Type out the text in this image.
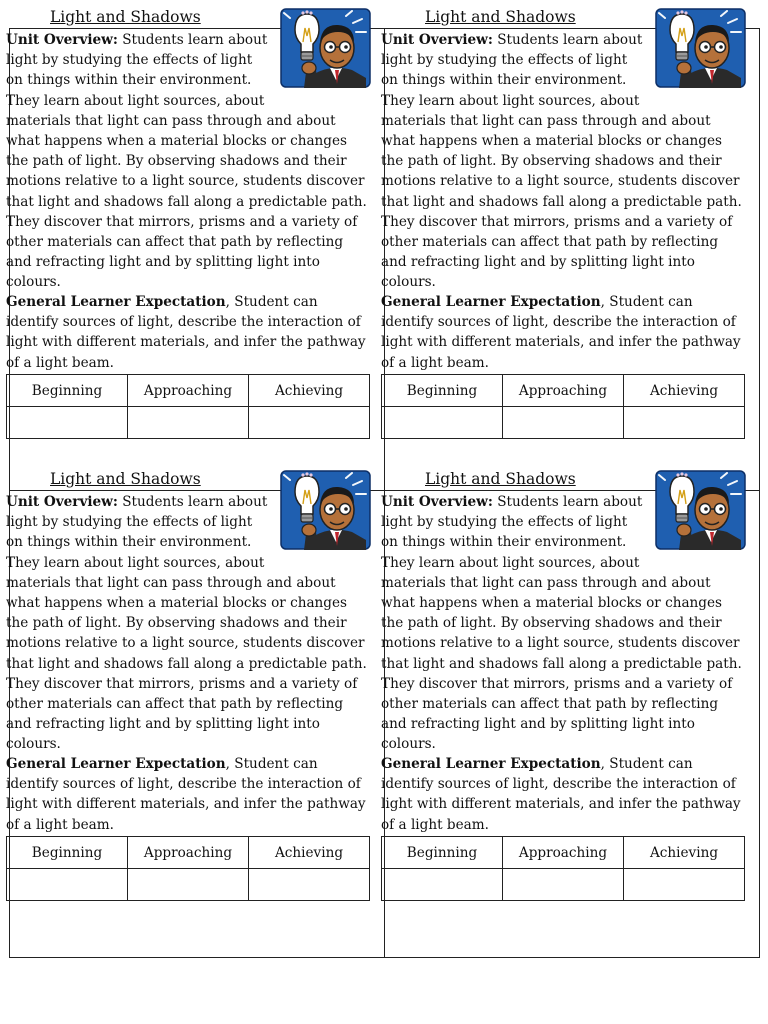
Light and Shadows

Unit Overview: Students learn about light by studying the effects of light on things within their environment. They learn about light sources, about materials that light can pass through and about what happens when a material blocks or changes the path of light. By observing shadows and their motions relative to a light source, students discover that light and shadows fall along a predictable path. They discover that mirrors, prisms and a variety of other materials can affect that path by reflecting and refracting light and by splitting light into colours.

General Learner Expectation, Student can identify sources of light, describe the interaction of light with different materials, and infer the pathway of a light beam.

Beginning	Approaching	Achieving

Light and Shadows

Unit Overview: Students learn about light by studying the effects of light on things within their environment. They learn about light sources, about materials that light can pass through and about what happens when a material blocks or changes the path of light. By observing shadows and their motions relative to a light source, students discover that light and shadows fall along a predictable path. They discover that mirrors, prisms and a variety of other materials can affect that path by reflecting and refracting light and by splitting light into colours.

General Learner Expectation, Student can identify sources of light, describe the interaction of light with different materials, and infer the pathway of a light beam.

Beginning	Approaching	Achieving

Light and Shadows

Unit Overview: Students learn about light by studying the effects of light on things within their environment. They learn about light sources, about materials that light can pass through and about what happens when a material blocks or changes the path of light. By observing shadows and their motions relative to a light source, students discover that light and shadows fall along a predictable path. They discover that mirrors, prisms and a variety of other materials can affect that path by reflecting and refracting light and by splitting light into colours.

General Learner Expectation, Student can identify sources of light, describe the interaction of light with different materials, and infer the pathway of a light beam.

Beginning	Approaching	Achieving

Light and Shadows

Unit Overview: Students learn about light by studying the effects of light on things within their environment. They learn about light sources, about materials that light can pass through and about what happens when a material blocks or changes the path of light. By observing shadows and their motions relative to a light source, students discover that light and shadows fall along a predictable path. They discover that mirrors, prisms and a variety of other materials can affect that path by reflecting and refracting light and by splitting light into colours.

General Learner Expectation, Student can identify sources of light, describe the interaction of light with different materials, and infer the pathway of a light beam.

Beginning	Approaching	Achieving
